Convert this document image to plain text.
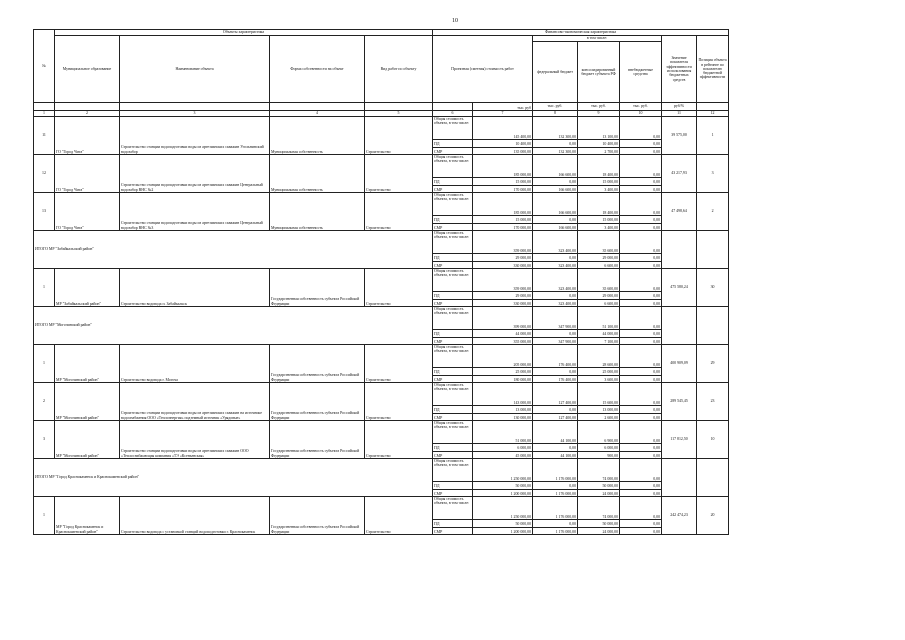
10
№	Объекты характеристика				Финансово-экономическая характеристика						
	Муниципальное образование	Наименование объекта	Форма собственности на объект	Вид работ по объекту	Проектная (сметная) стоимость работ		в том числе:			Значение показателя эффективности использования бюджетных средств	Позиция объекта в рейтинге по показателю бюджетной эффективности
							федеральный бюджет	консолидированный бюджет субъекта РФ	внебюджетные средства		
						тыс. руб	тыс. руб.	тыс. руб.	тыс. руб.	руб/%	
1	2	3	4	5	6	7	8	9	10	11	12
11	ГО "Город Чита"	Строительство станции водоподготовки воды из артезианских скважин Угольнинский водозабор	Муниципальная собственность	Строительство	Общая стоимость объекта, в том числе:	145 400,00	132 300,00	13 100,00	0,00	39 575,00	1
					ПД	10 400,00	0,00	10 400,00	0,00		
					СМР	135 000,00	132 300,00	2 700,00	0,00		
12	ГО "Город Чита"	Строительство станции водоподготовки воды из артезианских скважин Центральный водозабор ВНС №2	Муниципальная собственность	Строительство	Общая стоимость объекта, в том числе:	185 000,00	166 600,00	18 400,00	0,00	43 217,93	3
					ПД	15 000,00	0,00	15 000,00	0,00		
					СМР	170 000,00	166 600,00	3 400,00	0,00		
13	ГО "Город Чита"	Строительство станции водоподготовки воды из артезианских скважин Центральный водозабор ВНС №3	Муниципальная собственность	Строительство	Общая стоимость объекта, в том числе:	185 000,00	166 600,00	18 400,00	0,00	47 498,64	2
					ПД	15 000,00	0,00	15 000,00	0,00		
					СМР	170 000,00	166 600,00	3 400,00	0,00		
ИТОГО МР "Забайкальский район"					Общая стоимость объекта, в том числе:	359 000,00	323 400,00	35 600,00	0,00		
					ПД	29 000,00	0,00	29 000,00	0,00		
					СМР	330 000,00	323 400,00	6 600,00	0,00		
1	МР "Забайкальский район"	Строительство водовода п. Забайкальск	Государственная собственность субъекта Российской Федерации	Строительство	Общая стоимость объекта, в том числе:	359 000,00	323 400,00	35 600,00	0,00	475 580,24	30
					ПД	29 000,00	0,00	29 000,00	0,00		
					СМР	330 000,00	323 400,00	6 600,00	0,00		
ИТОГО МР "Могочинский район"					Общая стоимость объекта, в том числе:	399 000,00	347 900,00	51 100,00	0,00		
					ПД	44 000,00	0,00	44 000,00	0,00		
					СМР	355 000,00	347 900,00	7 100,00	0,00		
1	МР "Могочинский район"	Строительство водовода г. Могоча	Государственная собственность субъекта Российской Федерации	Строительство	Общая стоимость объекта, в том числе:	205 000,00	176 400,00	28 600,00	0,00	400 909,09	29
					ПД	25 000,00	0,00	25 000,00	0,00		
					СМР	180 000,00	176 400,00	3 600,00	0,00		
2	МР "Могочинский район"	Строительство станции водоподготовки воды из артезианских скважин на источнике водоснабжения ООО «Теплоэнергия» подземный источник «Урядовые»	Государственная собственность субъекта Российской Федерации	Строительство	Общая стоимость объекта, в том числе:	143 000,00	127 400,00	15 600,00	0,00	289 545,45	23
					ПД	13 000,00	0,00	13 000,00	0,00		
					СМР	130 000,00	127 400,00	2 600,00	0,00		
3	МР "Могочинский район"	Строительство станции водоподготовки воды из артезианских скважин ООО «Теплоснабжающая компания «ТЭ «Ксеньевская»	Государственная собственность субъекта Российской Федерации	Строительство	Общая стоимость объекта, в том числе:	51 000,00	44 100,00	6 900,00	0,00	117 812,50	10
					ПД	6 000,00	0,00	6 000,00	0,00		
					СМР	45 000,00	44 100,00	900,00	0,00		
ИТОГО МР "Город Краснокаменск и Краснокаменский район"					Общая стоимость объекта, в том числе:	1 250 000,00	1 176 000,00	74 000,00	0,00		
					ПД	50 000,00	0,00	50 000,00	0,00		
					СМР	1 200 000,00	1 176 000,00	24 000,00	0,00		
1	МР "Город Краснокаменск и Краснокаменский район"	Строительство водовода с установкой станций водоподготовки г. Краснокаменск	Государственная собственность субъекта Российской Федерации	Строительство	Общая стоимость объекта, в том числе:	1 250 000,00	1 176 000,00	74 000,00	0,00	242 474,23	20
					ПД	50 000,00	0,00	50 000,00	0,00		
					СМР	1 200 000,00	1 176 000,00	24 000,00	0,00		
